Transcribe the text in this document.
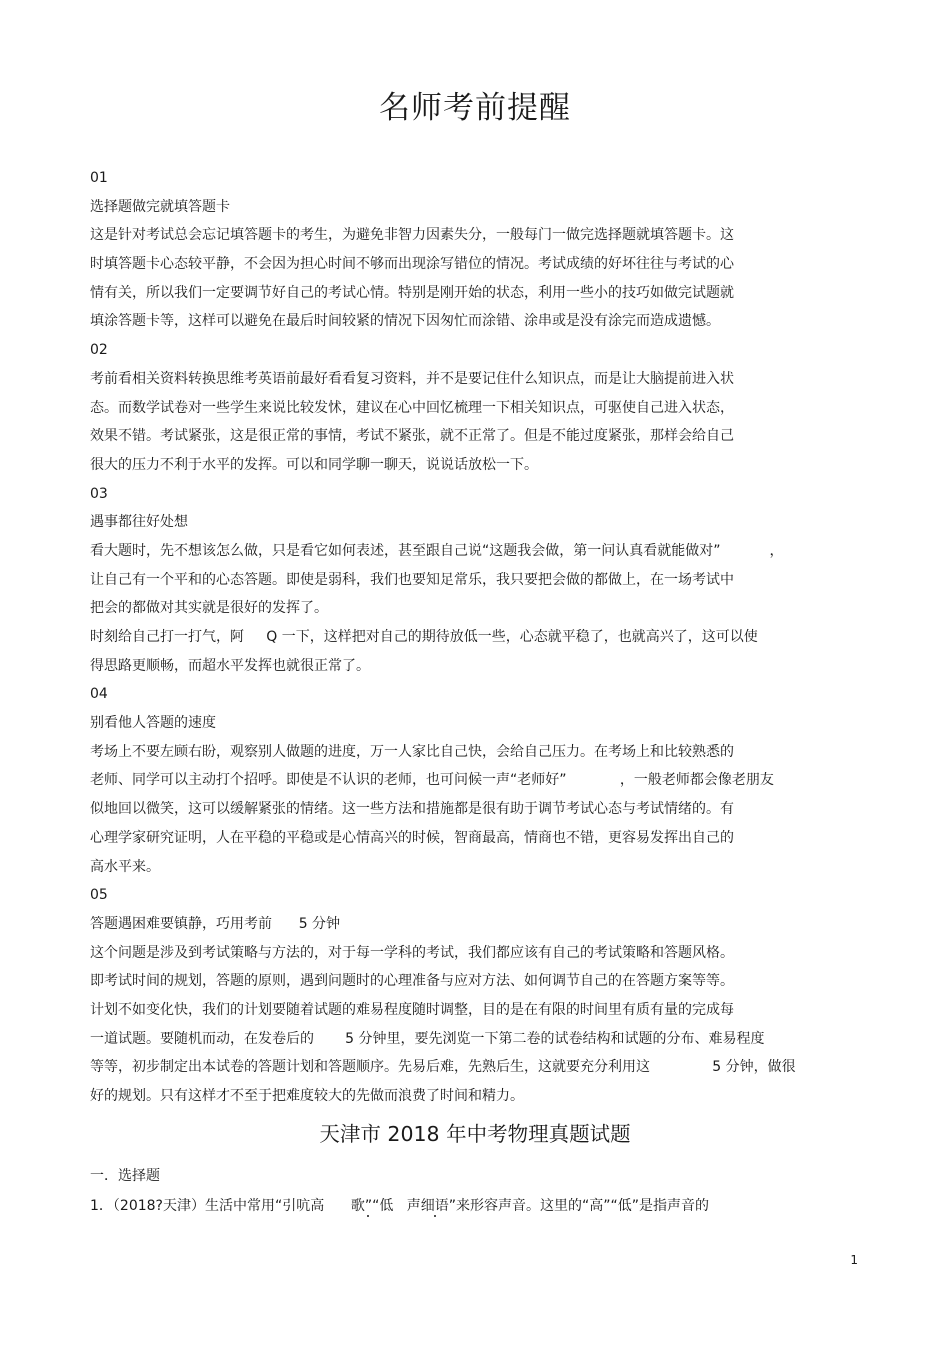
名师考前提醒
01
选择题做完就填答题卡
这是针对考试总会忘记填答题卡的考生，为避免非智力因素失分，一般每门一做完选择题就填答题卡。这
时填答题卡心态较平静，不会因为担心时间不够而出现涂写错位的情况。考试成绩的好坏往往与考试的心
情有关，所以我们一定要调节好自己的考试心情。特别是刚开始的状态，利用一些小的技巧如做完试题就
填涂答题卡等，这样可以避免在最后时间较紧的情况下因匆忙而涂错、涂串或是没有涂完而造成遗憾。
02
考前看相关资料转换思维考英语前最好看看复习资料，并不是要记住什么知识点，而是让大脑提前进入状
态。而数学试卷对一些学生来说比较发怵，建议在心中回忆梳理一下相关知识点，可驱使自己进入状态，
效果不错。考试紧张，这是很正常的事情，考试不紧张，就不正常了。但是不能过度紧张，那样会给自己
很大的压力不利于水平的发挥。可以和同学聊一聊天，说说话放松一下。
03
遇事都往好处想
看大题时，先不想该怎么做，只是看它如何表述，甚至跟自己说“这题我会做，第一问认真看就能做对”           ，
让自己有一个平和的心态答题。即使是弱科，我们也要知足常乐，我只要把会做的都做上，在一场考试中
把会的都做对其实就是很好的发挥了。
时刻给自己打一打气，阿     Q 一下，这样把对自己的期待放低一些，心态就平稳了，也就高兴了，这可以使
得思路更顺畅，而超水平发挥也就很正常了。
04
别看他人答题的速度
考场上不要左顾右盼，观察别人做题的进度，万一人家比自己快，会给自己压力。在考场上和比较熟悉的
老师、同学可以主动打个招呼。即使是不认识的老师，也可问候一声“老师好”            ，一般老师都会像老朋友
似地回以微笑，这可以缓解紧张的情绪。这一些方法和措施都是很有助于调节考试心态与考试情绪的。有
心理学家研究证明，人在平稳的平稳或是心情高兴的时候，智商最高，情商也不错，更容易发挥出自己的
高水平来。
05
答题遇困难要镇静，巧用考前      5 分钟
这个问题是涉及到考试策略与方法的，对于每一学科的考试，我们都应该有自己的考试策略和答题风格。
即考试时间的规划，答题的原则，遇到问题时的心理准备与应对方法、如何调节自己的在答题方案等等。
计划不如变化快，我们的计划要随着试题的难易程度随时调整，目的是在有限的时间里有质有量的完成每
一道试题。要随机而动，在发卷后的       5 分钟里，要先浏览一下第二卷的试卷结构和试题的分布、难易程度
等等，初步制定出本试卷的答题计划和答题顺序。先易后难，先熟后生，这就要充分利用这              5 分钟，做很
好的规划。只有这样才不至于把难度较大的先做而浪费了时间和精力。
天津市 2018 年中考物理真题试题
一．选择题
1．（2018?天津）生活中常用“引吭高      歌”“低   声细语”来形容声音。这里的“高”“低”是指声音的
1
